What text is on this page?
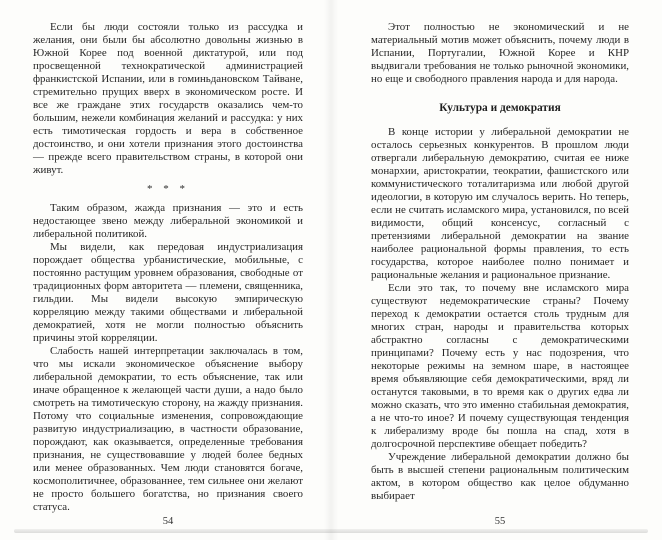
Если бы люди состояли только из рассудка и желания, они были бы абсолютно довольны жизнью в Южной Корее под военной диктатурой, или под просвещенной технократической администрацией франкистской Испании, или в гоминьдановском Тайване, стремительно прущих вверх в экономическом росте. И все же граждане этих государств оказались чем-то большим, нежели комбинация желаний и рассудка: у них есть тимотическая гордость и вера в собственное достоинство, и они хотели признания этого достоинства — прежде всего правительством страны, в которой они живут.

* * *

Таким образом, жажда признания — это и есть недостающее звено между либеральной экономикой и либеральной политикой.

Мы видели, как передовая индустриализация порождает общества урбанистические, мобильные, с постоянно растущим уровнем образования, свободные от традиционных форм авторитета — племени, священника, гильдии. Мы видели высокую эмпирическую корреляцию между такими обществами и либеральной демократией, хотя не могли полностью объяснить причины этой корреляции.

Слабость нашей интерпретации заключалась в том, что мы искали экономическое объяснение выбору либеральной демократии, то есть объяснение, так или иначе обращенное к желающей части души, а надо было смотреть на тимотическую сторону, на жажду признания. Потому что социальные изменения, сопровождающие развитую индустриализацию, в частности образование, порождают, как оказывается, определенные требования признания, не существовавшие у людей более бедных или менее образованных. Чем люди становятся богаче, космополитичнее, образованнее, тем сильнее они желают не просто большего богатства, но признания своего статуса.

54

Этот полностью не экономический и не материальный мотив может объяснить, почему люди в Испании, Португалии, Южной Корее и КНР выдвигали требования не только рыночной экономики, но еще и свободного правления народа и для народа.

Культура и демократия

В конце истории у либеральной демократии не осталось серьезных конкурентов. В прошлом люди отвергали либеральную демократию, считая ее ниже монархии, аристократии, теократии, фашистского или коммунистического тоталитаризма или любой другой идеологии, в которую им случалось верить. Но теперь, если не считать исламского мира, установился, по всей видимости, общий консенсус, согласный с претензиями либеральной демократии на звание наиболее рациональной формы правления, то есть государства, которое наиболее полно понимает и рациональные желания и рациональное признание.

Если это так, то почему вне исламского мира существуют недемократические страны? Почему переход к демократии остается столь трудным для многих стран, народы и правительства которых абстрактно согласны с демократическими принципами? Почему есть у нас подозрения, что некоторые режимы на земном шаре, в настоящее время объявляющие себя демократическими, вряд ли останутся таковыми, в то время как о других едва ли можно сказать, что это именно стабильная демократия, а не что-то иное? И почему существующая тенденция к либерализму вроде бы пошла на спад, хотя в долгосрочной перспективе обещает победить?

Учреждение либеральной демократии должно бы быть в высшей степени рациональным политическим актом, в котором общество как целое обдуманно выбирает

55
